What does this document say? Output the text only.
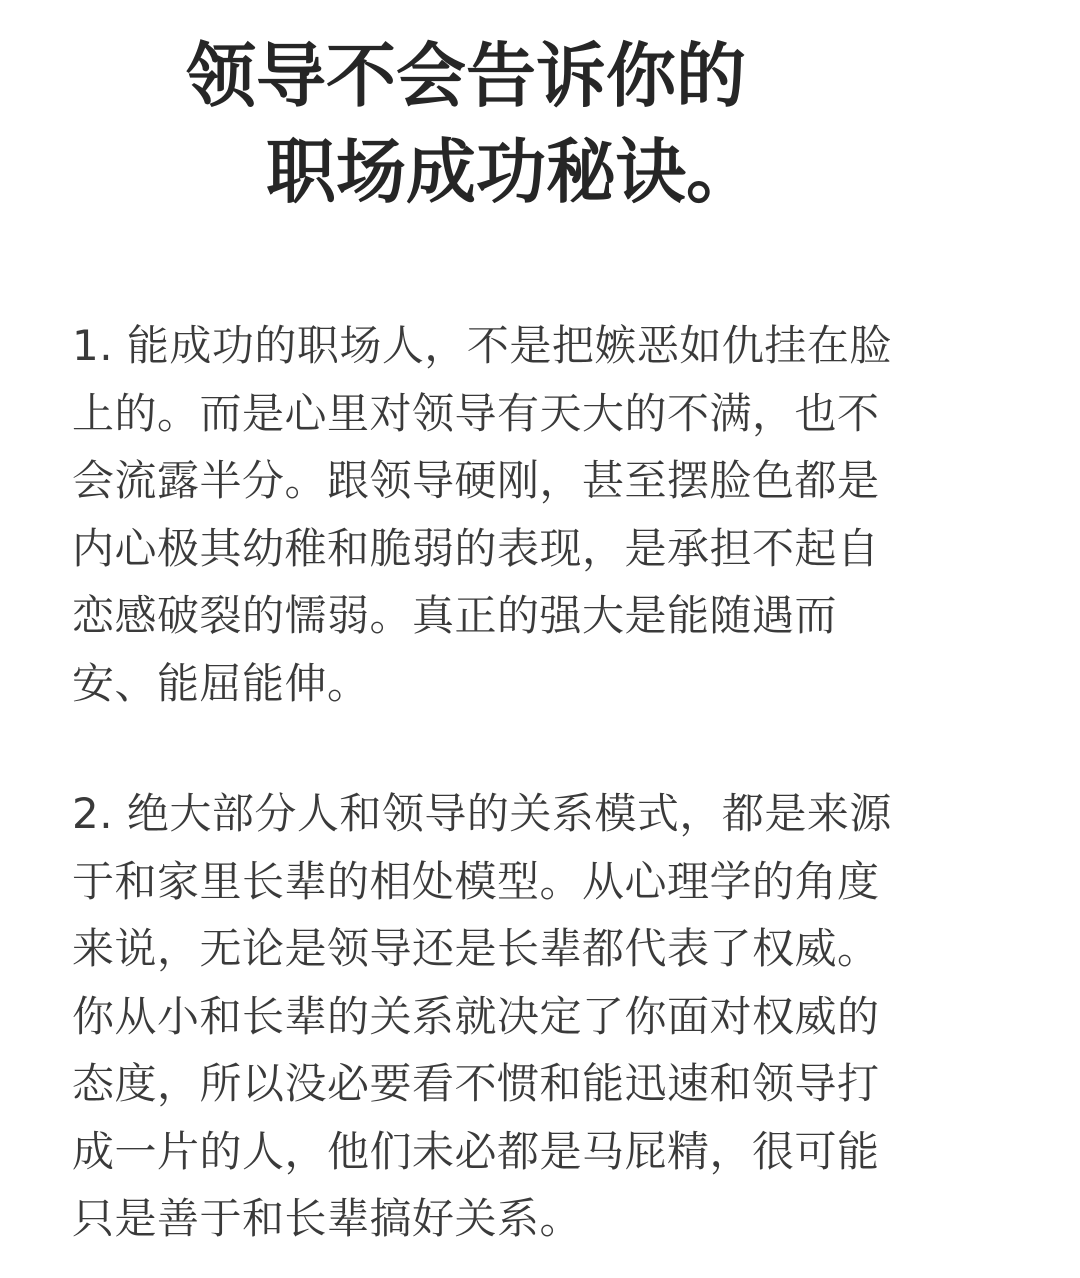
领导不会告诉你的
职场成功秘诀。
1. 能成功的职场人，不是把嫉恶如仇挂在脸
上的。而是心里对领导有天大的不满，也不
会流露半分。跟领导硬刚，甚至摆脸色都是
内心极其幼稚和脆弱的表现，是承担不起自
恋感破裂的懦弱。真正的强大是能随遇而
安、能屈能伸。
2. 绝大部分人和领导的关系模式，都是来源
于和家里长辈的相处模型。从心理学的角度
来说，无论是领导还是长辈都代表了权威。
你从小和长辈的关系就决定了你面对权威的
态度，所以没必要看不惯和能迅速和领导打
成一片的人，他们未必都是马屁精，很可能
只是善于和长辈搞好关系。
